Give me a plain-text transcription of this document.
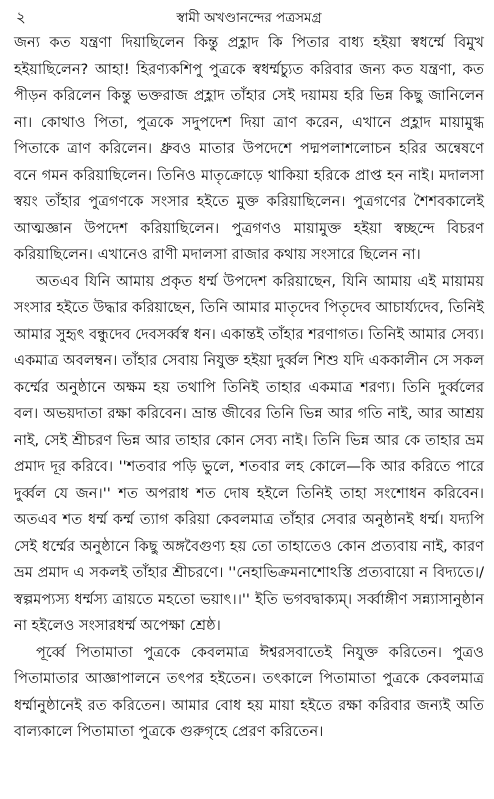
২	স্বামী অখণ্ডানন্দের পত্রসমগ্র

জন্য কত যন্ত্রণা দিয়াছিলেন কিন্তু প্রহ্লাদ কি পিতার বাধ্য হইয়া স্বধর্ম্মে বিমুখ হইয়াছিলেন? আহা! হিরণ্যকশিপু পুত্রকে স্বধর্ম্মচ্যুত করিবার জন্য কত যন্ত্রণা, কত পীড়ন করিলেন কিন্তু ভক্তরাজ প্রহ্লাদ তাঁহার সেই দয়াময় হরি ভিন্ন কিছু জানিলেন না। কোথাও পিতা, পুত্রকে সদুপদেশ দিয়া ত্রাণ করেন, এখানে প্রহ্লাদ মায়ামুগ্ধ পিতাকে ত্রাণ করিলেন। ধ্রুবও মাতার উপদেশে পদ্মপলাশলোচন হরির অন্বেষণে বনে গমন করিয়াছিলেন। তিনিও মাতৃক্রোড়ে থাকিয়া হরিকে প্রাপ্ত হন নাই। মদালসা স্বয়ং তাঁহার পুত্রগণকে সংসার হইতে মুক্ত করিয়াছিলেন। পুত্রগণের শৈশবকালেই আত্মজ্ঞান উপদেশ করিয়াছিলেন। পুত্রগণও মায়ামুক্ত হইয়া স্বচ্ছন্দে বিচরণ করিয়াছিলেন। এখানেও রাণী মদালসা রাজার কথায় সংসারে ছিলেন না।

অতএব যিনি আমায় প্রকৃত ধর্ম্ম উপদেশ করিয়াছেন, যিনি আমায় এই মায়াময় সংসার হইতে উদ্ধার করিয়াছেন, তিনি আমার মাতৃদেব পিতৃদেব আচার্য্যদেব, তিনিই আমার সুহৃৎ বন্ধুদেব দেবসর্ব্বস্ব ধন। একান্তই তাঁহার শরণাগত। তিনিই আমার সেব্য। একমাত্র অবলম্বন। তাঁহার সেবায় নিযুক্ত হইয়া দুর্ব্বল শিশু যদি এককালীন সে সকল কর্ম্মের অনুষ্ঠানে অক্ষম হয় তথাপি তিনিই তাহার একমাত্র শরণ্য। তিনি দুর্ব্বলের বল। অভয়দাতা রক্ষা করিবেন। ভ্রান্ত জীবের তিনি ভিন্ন আর গতি নাই, আর আশ্রয় নাই, সেই শ্রীচরণ ভিন্ন আর তাহার কোন সেব্য নাই। তিনি ভিন্ন আর কে তাহার ভ্রম প্রমাদ দূর করিবে। ''শতবার পড়ি ভুলে, শতবার লহ কোলে—কি আর করিতে পারে দুর্ব্বল যে জন।'' শত অপরাধ শত দোষ হইলে তিনিই তাহা সংশোধন করিবেন। অতএব শত ধর্ম্ম কর্ম্ম ত্যাগ করিয়া কেবলমাত্র তাঁহার সেবার অনুষ্ঠানই ধর্ম্ম। যদ্যপি সেই ধর্ম্মের অনুষ্ঠানে কিছু অঙ্গবৈগুণ্য হয় তো তাহাতেও কোন প্রত্যবায় নাই, কারণ ভ্রম প্রমাদ এ সকলই তাঁহার শ্রীচরণে। ''নেহাভিক্রমনাশোঽস্তি প্রত্যবায়ো ন বিদ্যতে।/ স্বল্পমপ্যস্য ধর্ম্মস্য ত্রায়তে মহতো ভয়াৎ।।'' ইতি ভগবদ্বাক্যম্। সর্ব্বাঙ্গীণ সন্ন্যাসানুষ্ঠান না হইলেও সংসারধর্ম্ম অপেক্ষা শ্রেষ্ঠ।

পূর্ব্বে পিতামাতা পুত্রকে কেবলমাত্র ঈশ্বরসবাতেই নিযুক্ত করিতেন। পুত্রও পিতামাতার আজ্ঞাপালনে তৎপর হইতেন। তৎকালে পিতামাতা পুত্রকে কেবলমাত্র ধর্ম্মানুষ্ঠানেই রত করিতেন। আমার বোধ হয় মায়া হইতে রক্ষা করিবার জন্যই অতি বাল্যকালে পিতামাতা পুত্রকে গুরুগৃহে প্রেরণ করিতেন।
